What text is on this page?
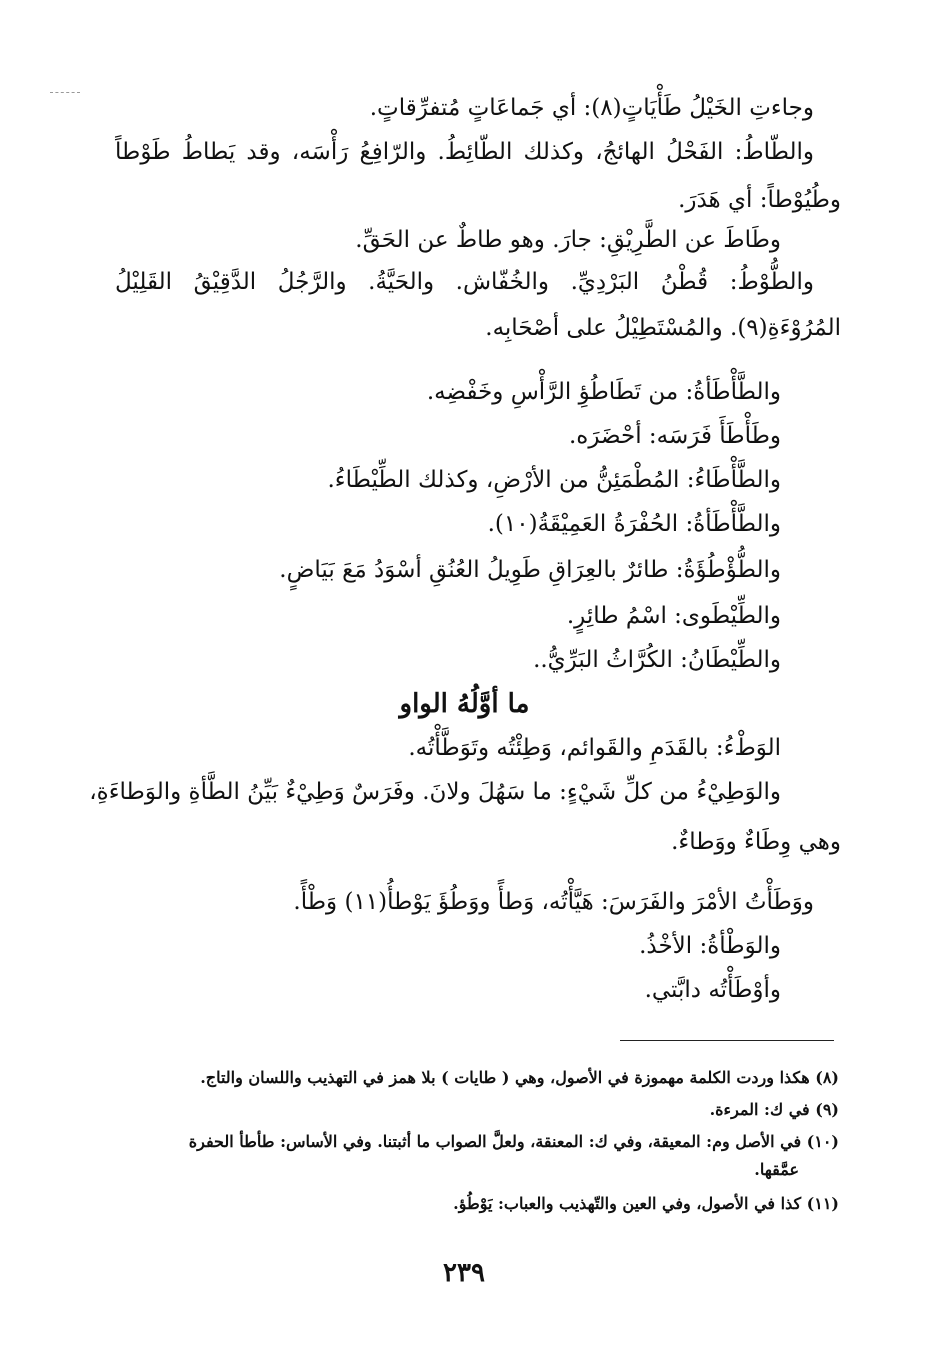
وجاءتِ الخَيْلُ طَأْيَاتٍ(٨): أي جَماعَاتٍ مُتفرِّقاتٍ.
والطّاطُ: الفَحْلُ الهائجُ، وكذلك الطّائِطُ. والرّافِعُ رَأْسَه، وقد يَطاطُ طَوْطاً
وطُيُوْطاً: أي هَدَرَ.
وطَاطَ عن الطَّرِيْقِ: جارَ. وهو طاطٌ عن الحَقِّ.
والطُّوْطُ: قُطْنُ البَرْدِيِّ. والخُفّاش. والحَيَّةُ. والرَّجُلُ الدَّقِيْقُ القَلِيْلُ
المُرُوْءَةِ(٩). والمُسْتَطِيْلُ على أصْحَابِه.
والطَّأْطَأةُ: من تَطَاطُؤِ الرَّأْسِ وخَفْضِه.
وطَأْطَأَ فَرَسَه: أحْضَرَه.
والطَّأْطَاءُ: المُطْمَئِنُّ من الأرْضِ، وكذلك الطِّيْطَاءُ.
والطَّأْطَأةُ: الحُفْرَةُ العَمِيْقَةُ(١٠).
والطُّؤْطُؤَةُ: طائرٌ بالعِرَاقِ طَوِيلُ العُنُقِ أسْوَدُ مَعَ بَيَاضٍ.
والطِّيْطَوى: اسْمُ طائِرٍ.
والطِّيْطَانُ: الكُرَّاثُ البَرِّيُّ..
ما أوَّلُهُ الواو
الوَطْءُ: بالقَدَمِ والقَوائم، وَطِئْتُه وتَوَطَّأْتُه.
والوَطِيْءُ من كلِّ شَيْءٍ: ما سَهُلَ ولانَ. وفَرَسٌ وَطِيْءٌ بَيِّنُ الطَّأةِ والوَطاءَةِ،
وهي وِطَاءٌ ووَطاءٌ.
ووَطَأْتُ الأمْرَ والفَرَسَ: هَيَّأْتُه، وَطأً ووَطُؤَ يَوْطأُ(١١) وَطْأً.
والوَطْأةُ: الأخْذُ.
وأوْطَأْتُه دابَّتي.
(٨) هكذا وردت الكلمة مهموزة في الأصول، وهي ( طايات ) بلا همز في التهذيب واللسان والتاج.
(٩) في ك: المرءة.
(١٠) في الأصل وم: المعيقة، وفي ك: المعنقة، ولعلَّ الصواب ما أثبتنا. وفي الأساس: طأطأ الحفرة
عمَّقها.
(١١) كذا في الأصول، وفي العين والتّهذيب والعباب: يَوْطُؤ.
٢٣٩
